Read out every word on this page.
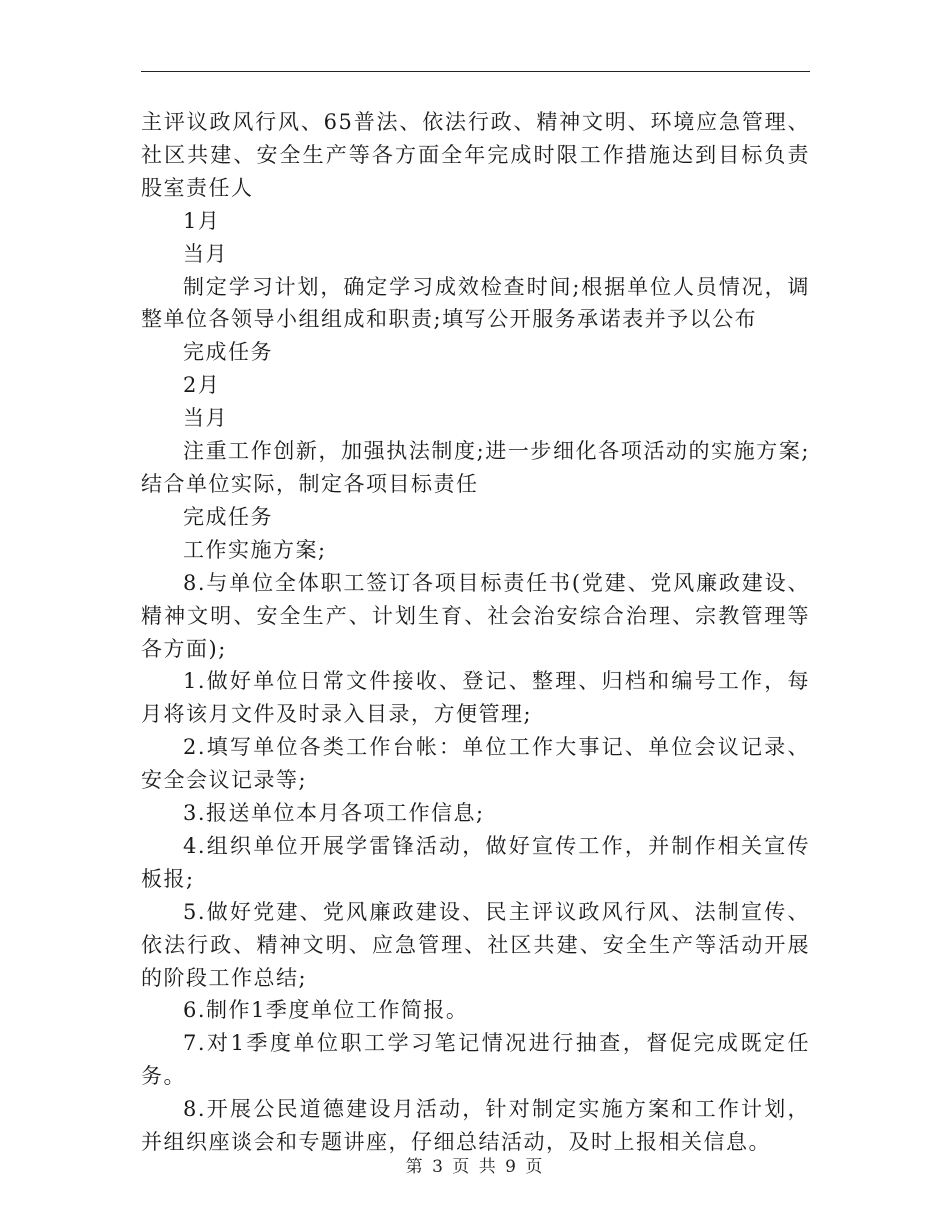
主评议政风行风、65普法、依法行政、精神文明、环境应急管理、社区共建、安全生产等各方面全年完成时限工作措施达到目标负责股室责任人

1月

当月

制定学习计划，确定学习成效检查时间;根据单位人员情况，调整单位各领导小组组成和职责;填写公开服务承诺表并予以公布

完成任务

2月

当月

注重工作创新，加强执法制度;进一步细化各项活动的实施方案;结合单位实际，制定各项目标责任

完成任务

工作实施方案;

8.与单位全体职工签订各项目标责任书(党建、党风廉政建设、精神文明、安全生产、计划生育、社会治安综合治理、宗教管理等各方面);

1.做好单位日常文件接收、登记、整理、归档和编号工作，每月将该月文件及时录入目录，方便管理;

2.填写单位各类工作台帐：单位工作大事记、单位会议记录、安全会议记录等;

3.报送单位本月各项工作信息;

4.组织单位开展学雷锋活动，做好宣传工作，并制作相关宣传板报;

5.做好党建、党风廉政建设、民主评议政风行风、法制宣传、依法行政、精神文明、应急管理、社区共建、安全生产等活动开展的阶段工作总结;

6.制作1季度单位工作简报。

7.对1季度单位职工学习笔记情况进行抽查，督促完成既定任务。

8.开展公民道德建设月活动，针对制定实施方案和工作计划，并组织座谈会和专题讲座，仔细总结活动，及时上报相关信息。

第 3 页 共 9 页
